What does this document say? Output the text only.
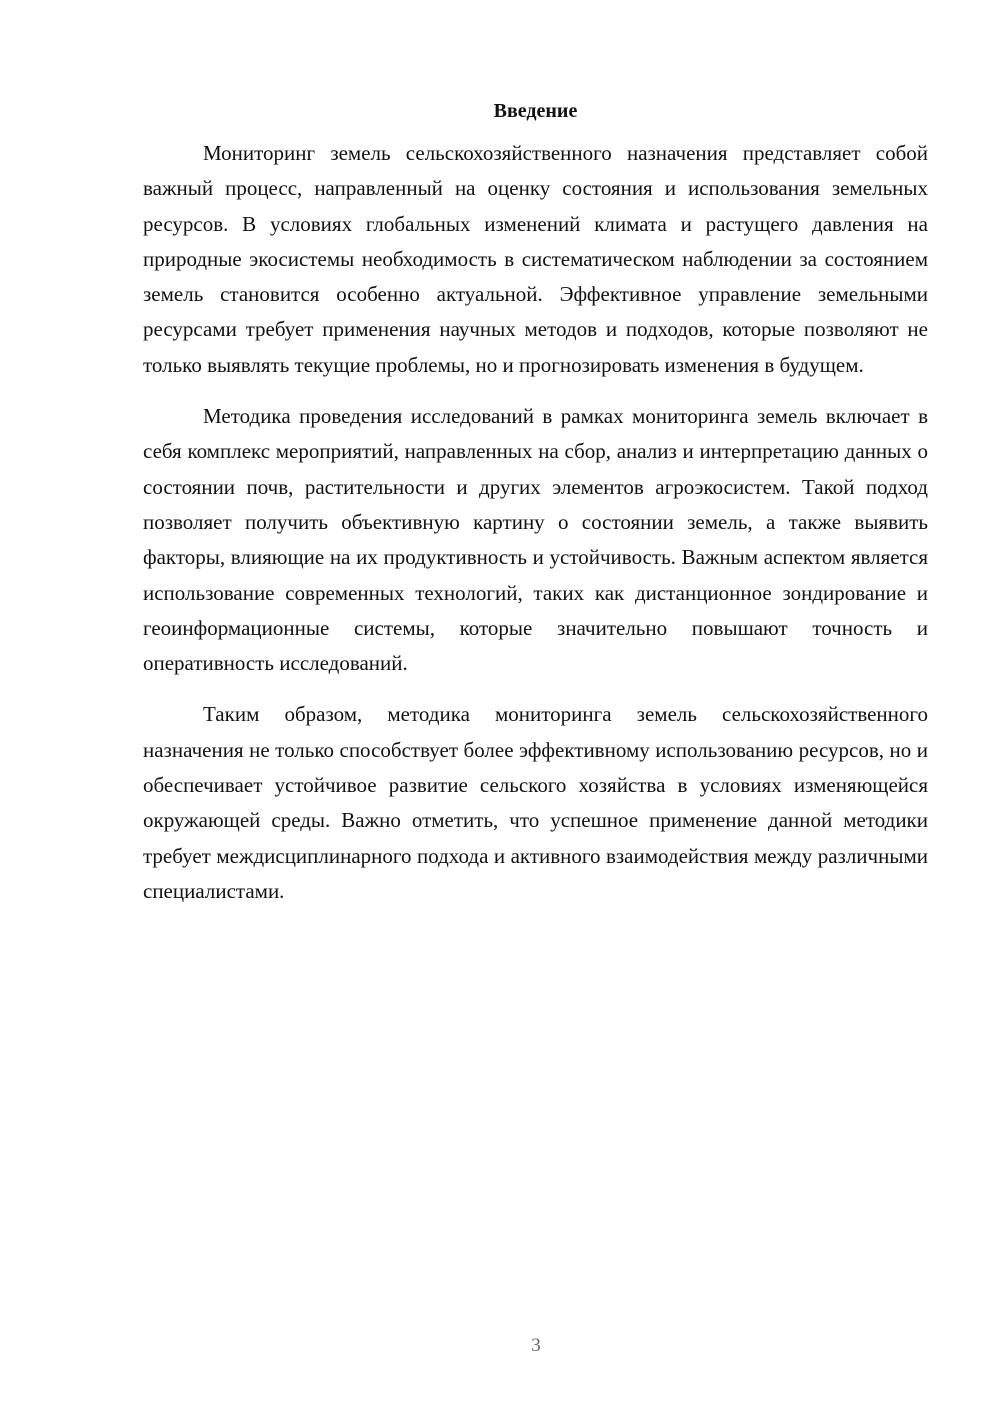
Введение

Мониторинг земель сельскохозяйственного назначения представляет собой важный процесс, направленный на оценку состояния и использования земельных ресурсов. В условиях глобальных изменений климата и растущего давления на природные экосистемы необходимость в систематическом наблюдении за состоянием земель становится особенно актуальной. Эффективное управление земельными ресурсами требует применения научных методов и подходов, которые позволяют не только выявлять текущие проблемы, но и прогнозировать изменения в будущем.

Методика проведения исследований в рамках мониторинга земель включает в себя комплекс мероприятий, направленных на сбор, анализ и интерпретацию данных о состоянии почв, растительности и других элементов агроэкосистем. Такой подход позволяет получить объективную картину о состоянии земель, а также выявить факторы, влияющие на их продуктивность и устойчивость. Важным аспектом является использование современных технологий, таких как дистанционное зондирование и геоинформационные системы, которые значительно повышают точность и оперативность исследований.

Таким образом, методика мониторинга земель сельскохозяйственного назначения не только способствует более эффективному использованию ресурсов, но и обеспечивает устойчивое развитие сельского хозяйства в условиях изменяющейся окружающей среды. Важно отметить, что успешное применение данной методики требует междисциплинарного подхода и активного взаимодействия между различными специалистами.

3
